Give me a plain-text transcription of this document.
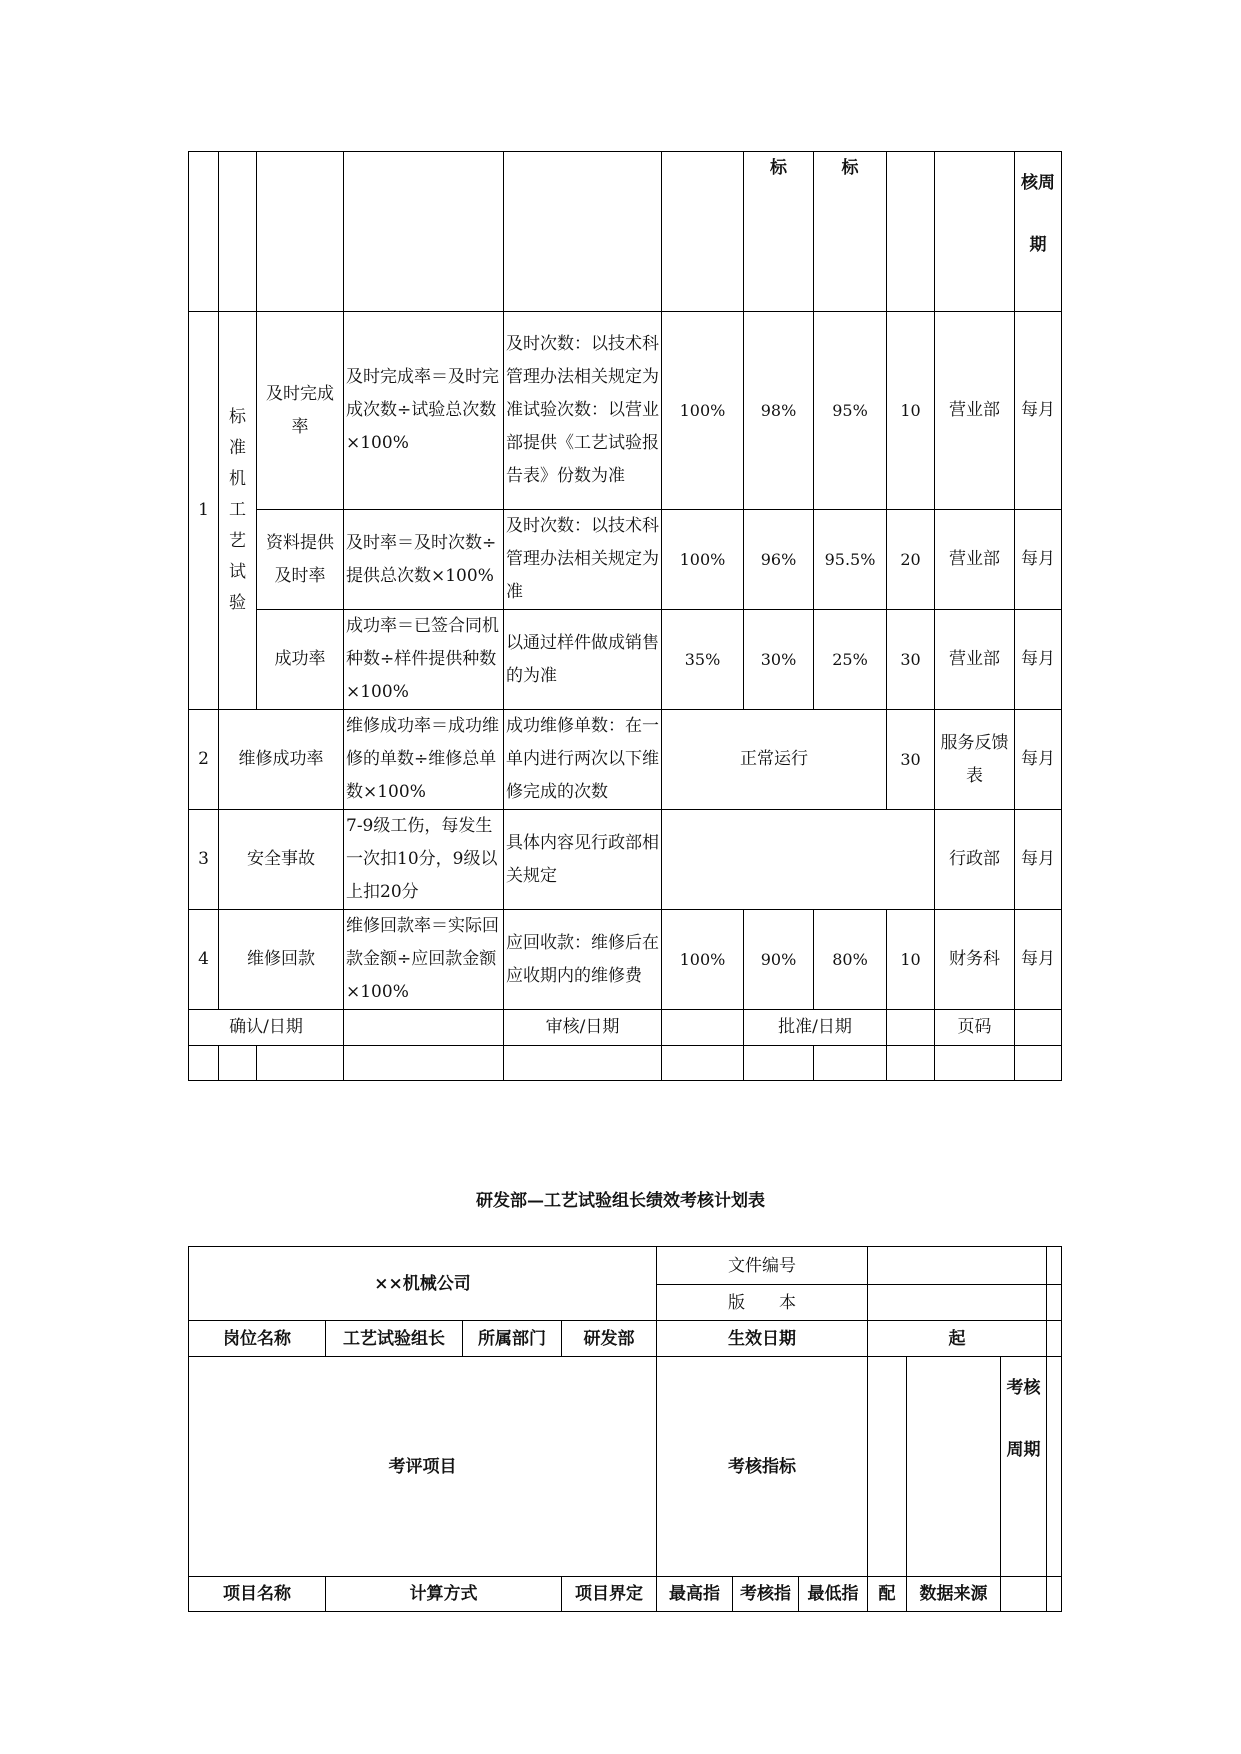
						标	标			核周期
1	标准机工艺试验	及时完成率	及时完成率＝及时完成次数÷试验总次数×100%	及时次数：以技术科管理办法相关规定为准试验次数：以营业部提供《工艺试验报告表》份数为准	100%	98%	95%	10	营业部	每月
		资料提供及时率	及时率＝及时次数÷提供总次数×100%	及时次数：以技术科管理办法相关规定为准	100%	96%	95.5%	20	营业部	每月
		成功率	成功率＝已签合同机种数÷样件提供种数×100%	以通过样件做成销售的为准	35%	30%	25%	30	营业部	每月
2	维修成功率		维修成功率＝成功维修的单数÷维修总单数×100%	成功维修单数：在一单内进行两次以下维修完成的次数	正常运行			30	服务反馈表	每月
3	安全事故		7-9级工伤，每发生一次扣10分，9级以上扣20分	具体内容见行政部相关规定					行政部	每月
4	维修回款		维修回款率＝实际回款金额÷应回款金额×100%	应回收款：维修后在应收期内的维修费	100%	90%	80%	10	财务科	每月
确认/日期				审核/日期		批准/日期			页码	

研发部—工艺试验组长绩效考核计划表
××机械公司				文件编号						
				版　　本						
岗位名称	工艺试验组长	所属部门	研发部	生效日期			起			
考评项目				考核指标					考核周期	
项目名称	计算方式		项目界定	最高指	考核指	最低指	配	数据来源		
